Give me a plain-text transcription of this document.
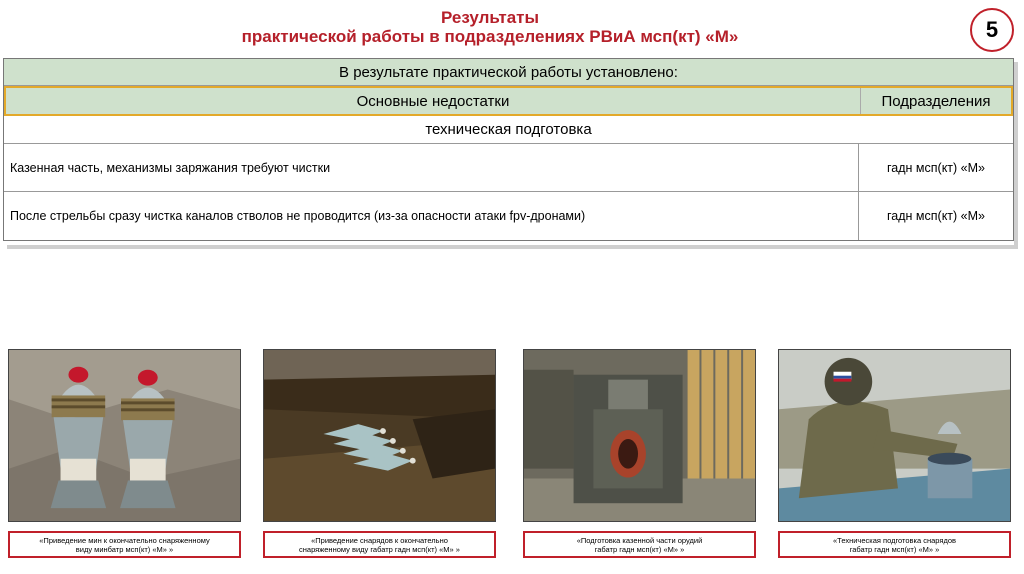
Результаты
практической работы в подразделениях РВиА мсп(кт) «М»	5
В результате практической работы установлено:
Основные недостатки	Подразделения
техническая подготовка
Казенная часть, механизмы заряжания требуют чистки	гадн мсп(кт) «М»
После стрельбы сразу чистка каналов стволов не проводится (из-за опасности атаки fpv-дронами)	гадн мсп(кт) «М»
«Приведение мин к окончательно снаряженному
виду минбатр мсп(кт) «М» »
«Приведение снарядов к окончательно
снаряженному виду габатр гадн мсп(кт) «М» »
«Подготовка казенной части орудий
габатр гадн мсп(кт) «М» »
«Техническая подготовка снарядов
габатр гадн мсп(кт) «М» »
